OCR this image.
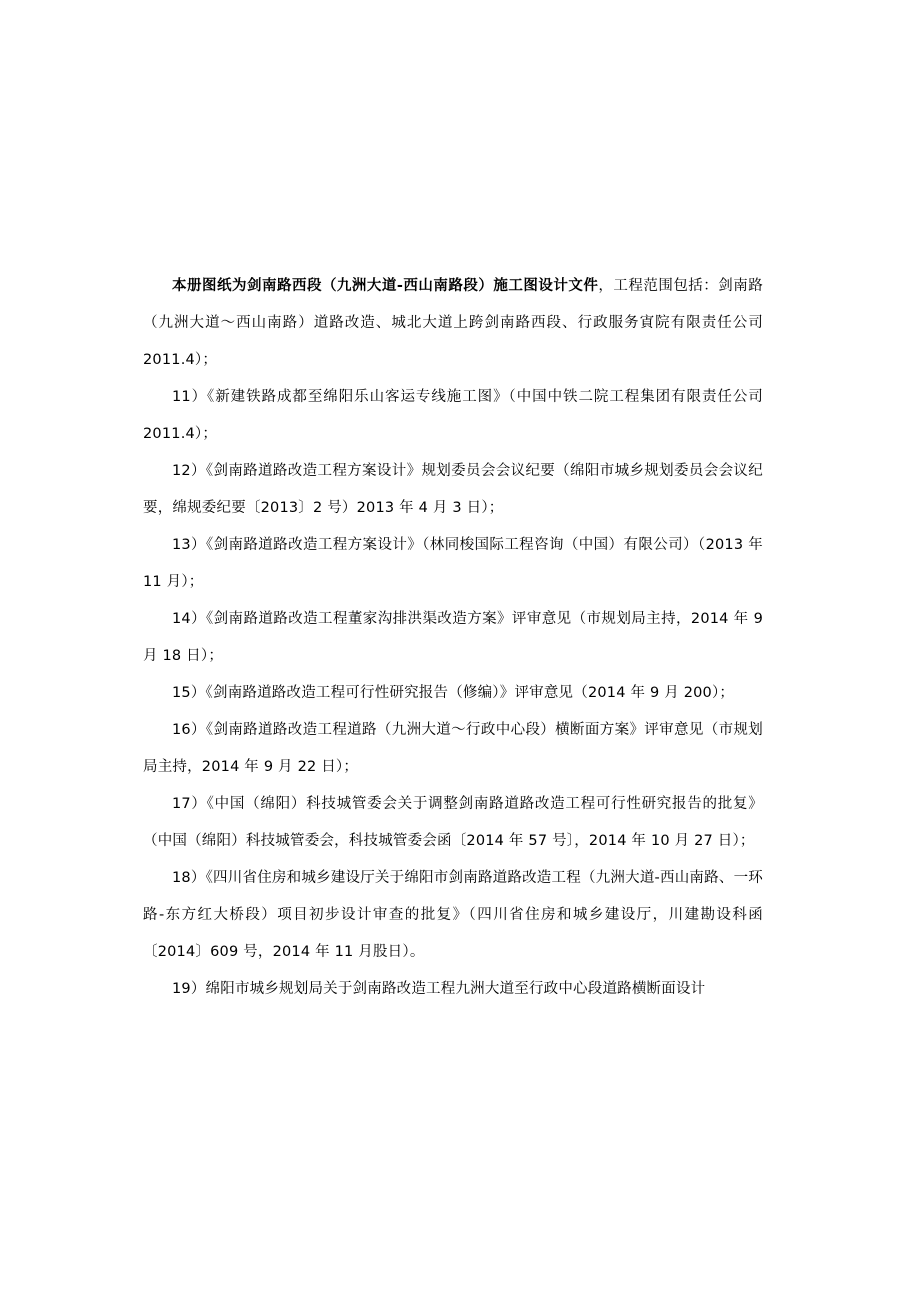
本册图纸为剑南路西段（九洲大道-西山南路段）施工图设计文件，工程范围包括：剑南路（九洲大道～西山南路）道路改造、城北大道上跨剑南路西段、行政服务寊院有限责任公司 2011.4）；

11）《新建铁路成都至绵阳乐山客运专线施工图》（中国中铁二院工程集团有限责任公司 2011.4）；

12）《剑南路道路改造工程方案设计》规划委员会会议纪要（绵阳市城乡规划委员会会议纪要，绵规委纪要〔2013〕2 号）2013 年 4 月 3 日）；

13）《剑南路道路改造工程方案设计》（林同梭国际工程咨询（中国）有限公司）（2013 年 11 月）；

14）《剑南路道路改造工程董家沟排洪渠改造方案》评审意见（市规划局主持，2014 年 9 月 18 日）；

15）《剑南路道路改造工程可行性研究报告（修编）》评审意见（2014 年 9 月 200）；

16）《剑南路道路改造工程道路（九洲大道～行政中心段）横断面方案》评审意见（市规划局主持，2014 年 9 月 22 日）；

17）《中国（绵阳）科技城管委会关于调整剑南路道路改造工程可行性研究报告的批复》（中国（绵阳）科技城管委会，科技城管委会函〔2014 年 57 号〕，2014 年 10 月 27 日）；

18）《四川省住房和城乡建设厅关于绵阳市剑南路道路改造工程（九洲大道-西山南路、一环路-东方红大桥段）项目初步设计审查的批复》（四川省住房和城乡建设厅，川建勘设科函〔2014〕609 号，2014 年 11 月股日）。

19）绵阳市城乡规划局关于剑南路改造工程九洲大道至行政中心段道路横断面设计
